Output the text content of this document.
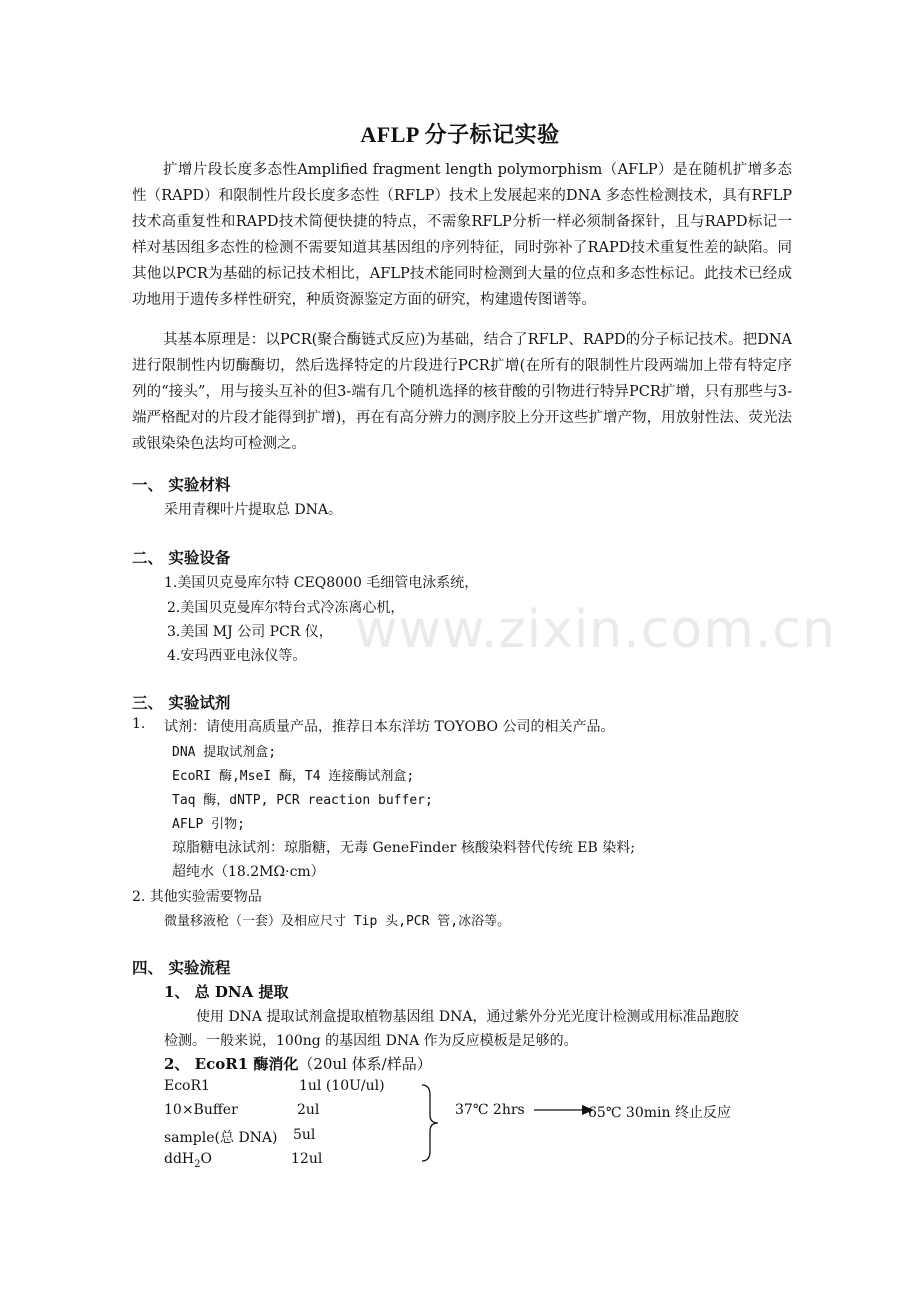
AFLP 分子标记实验
扩增片段长度多态性Amplified fragment length polymorphism（AFLP）是在随机扩增多态性（RAPD）和限制性片段长度多态性（RFLP）技术上发展起来的DNA 多态性检测技术，具有RFLP技术高重复性和RAPD技术简便快捷的特点，不需象RFLP分析一样必须制备探针，且与RAPD标记一样对基因组多态性的检测不需要知道其基因组的序列特征，同时弥补了RAPD技术重复性差的缺陷。同其他以PCR为基础的标记技术相比，AFLP技术能同时检测到大量的位点和多态性标记。此技术已经成功地用于遗传多样性研究，种质资源鉴定方面的研究，构建遗传图谱等。
其基本原理是：以PCR(聚合酶链式反应)为基础，结合了RFLP、RAPD的分子标记技术。把DNA进行限制性内切酶酶切，然后选择特定的片段进行PCR扩增(在所有的限制性片段两端加上带有特定序列的“接头”，用与接头互补的但3-端有几个随机选择的核苷酸的引物进行特异PCR扩增，只有那些与3-端严格配对的片段才能得到扩增)，再在有高分辨力的测序胶上分开这些扩增产物，用放射性法、荧光法或银染染色法均可检测之。
一、 实验材料
采用青稞叶片提取总 DNA。
二、 实验设备
1.美国贝克曼库尔特 CEQ8000 毛细管电泳系统，
2.美国贝克曼库尔特台式冷冻离心机，
3.美国 MJ 公司 PCR 仪，
4.安玛西亚电泳仪等。
三、 实验试剂
1. 试剂：请使用高质量产品，推荐日本东洋坊 TOYOBO 公司的相关产品。
DNA 提取试剂盒;
EcoRI 酶,MseI 酶，T4 连接酶试剂盒;
Taq 酶，dNTP, PCR reaction buffer;
AFLP 引物;
琼脂糖电泳试剂：琼脂糖，无毒 GeneFinder 核酸染料替代传统 EB 染料;
超纯水（18.2MΩ·cm）
2. 其他实验需要物品
微量移液枪（一套）及相应尺寸 Tip 头,PCR 管,冰浴等。
四、 实验流程
1、 总 DNA 提取
使用 DNA 提取试剂盒提取植物基因组 DNA，通过紫外分光光度计检测或用标准品跑胶
检测。一般来说，100ng 的基因组 DNA 作为反应模板是足够的。
2、 EcoR1 酶消化（20ul 体系/样品）
EcoR1	1ul (10U/ul)
10×Buffer	2ul
sample(总 DNA) 5ul
ddH$_2$O	12ul
37℃ 2hrs	65℃ 30min 终止反应
www.zixin.com.cn
